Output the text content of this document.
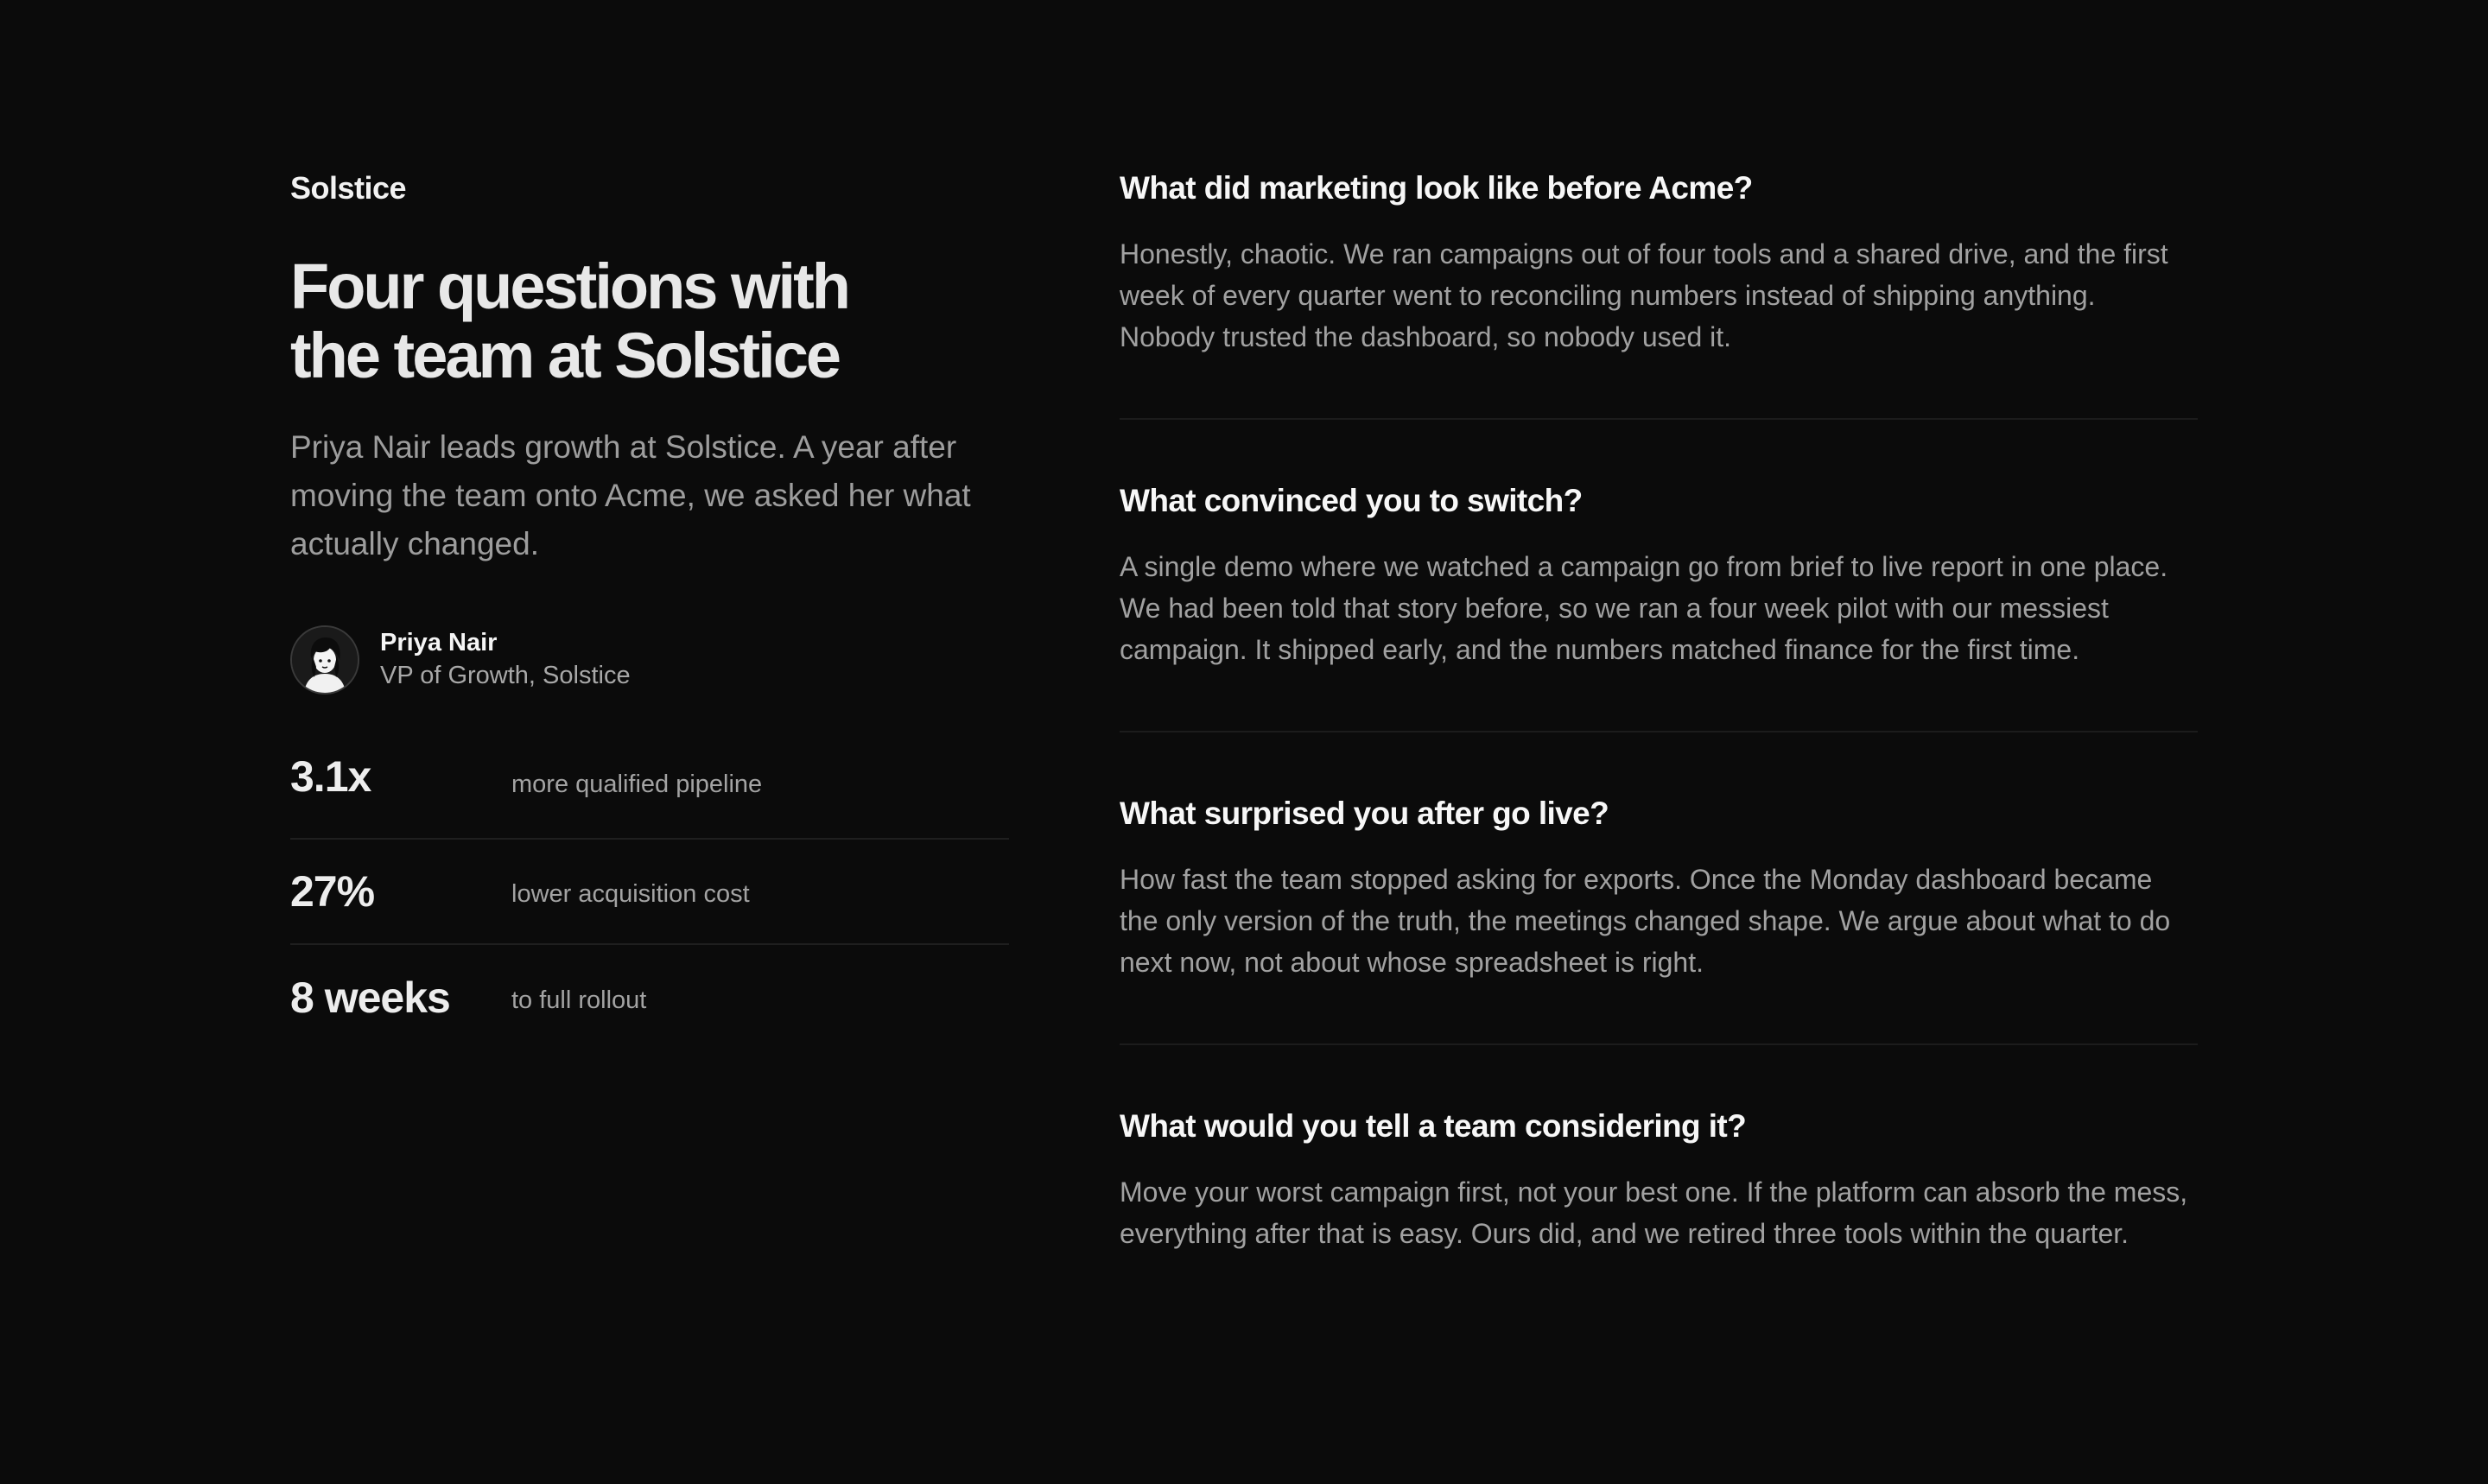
Solstice

Four questions with
the team at Solstice

Priya Nair leads growth at Solstice. A year after moving the team onto Acme, we asked her what actually changed.

Priya Nair
VP of Growth, Solstice
3.1x	more qualified pipeline
27%	lower acquisition cost
8 weeks	to full rollout
What did marketing look like before Acme?

Honestly, chaotic. We ran campaigns out of four tools and a shared drive, and the first week of every quarter went to reconciling numbers instead of shipping anything. Nobody trusted the dashboard, so nobody used it.

What convinced you to switch?

A single demo where we watched a campaign go from brief to live report in one place. We had been told that story before, so we ran a four week pilot with our messiest campaign. It shipped early, and the numbers matched finance for the first time.

What surprised you after go live?

How fast the team stopped asking for exports. Once the Monday dashboard became the only version of the truth, the meetings changed shape. We argue about what to do next now, not about whose spreadsheet is right.

What would you tell a team considering it?

Move your worst campaign first, not your best one. If the platform can absorb the mess, everything after that is easy. Ours did, and we retired three tools within the quarter.
